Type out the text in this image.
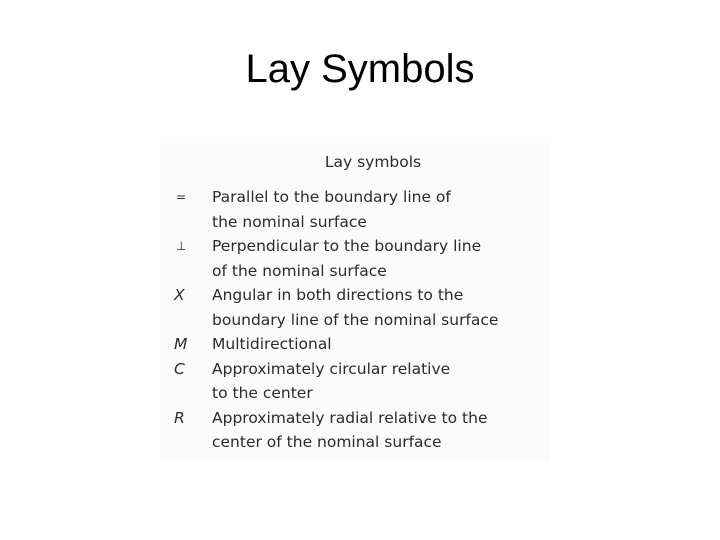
Lay Symbols
Lay symbols
=	Parallel to the boundary line of
the nominal surface
⊥	Perpendicular to the boundary line
of the nominal surface
X	Angular in both directions to the
boundary line of the nominal surface
M	Multidirectional
C	Approximately circular relative
to the center
R	Approximately radial relative to the
center of the nominal surface
